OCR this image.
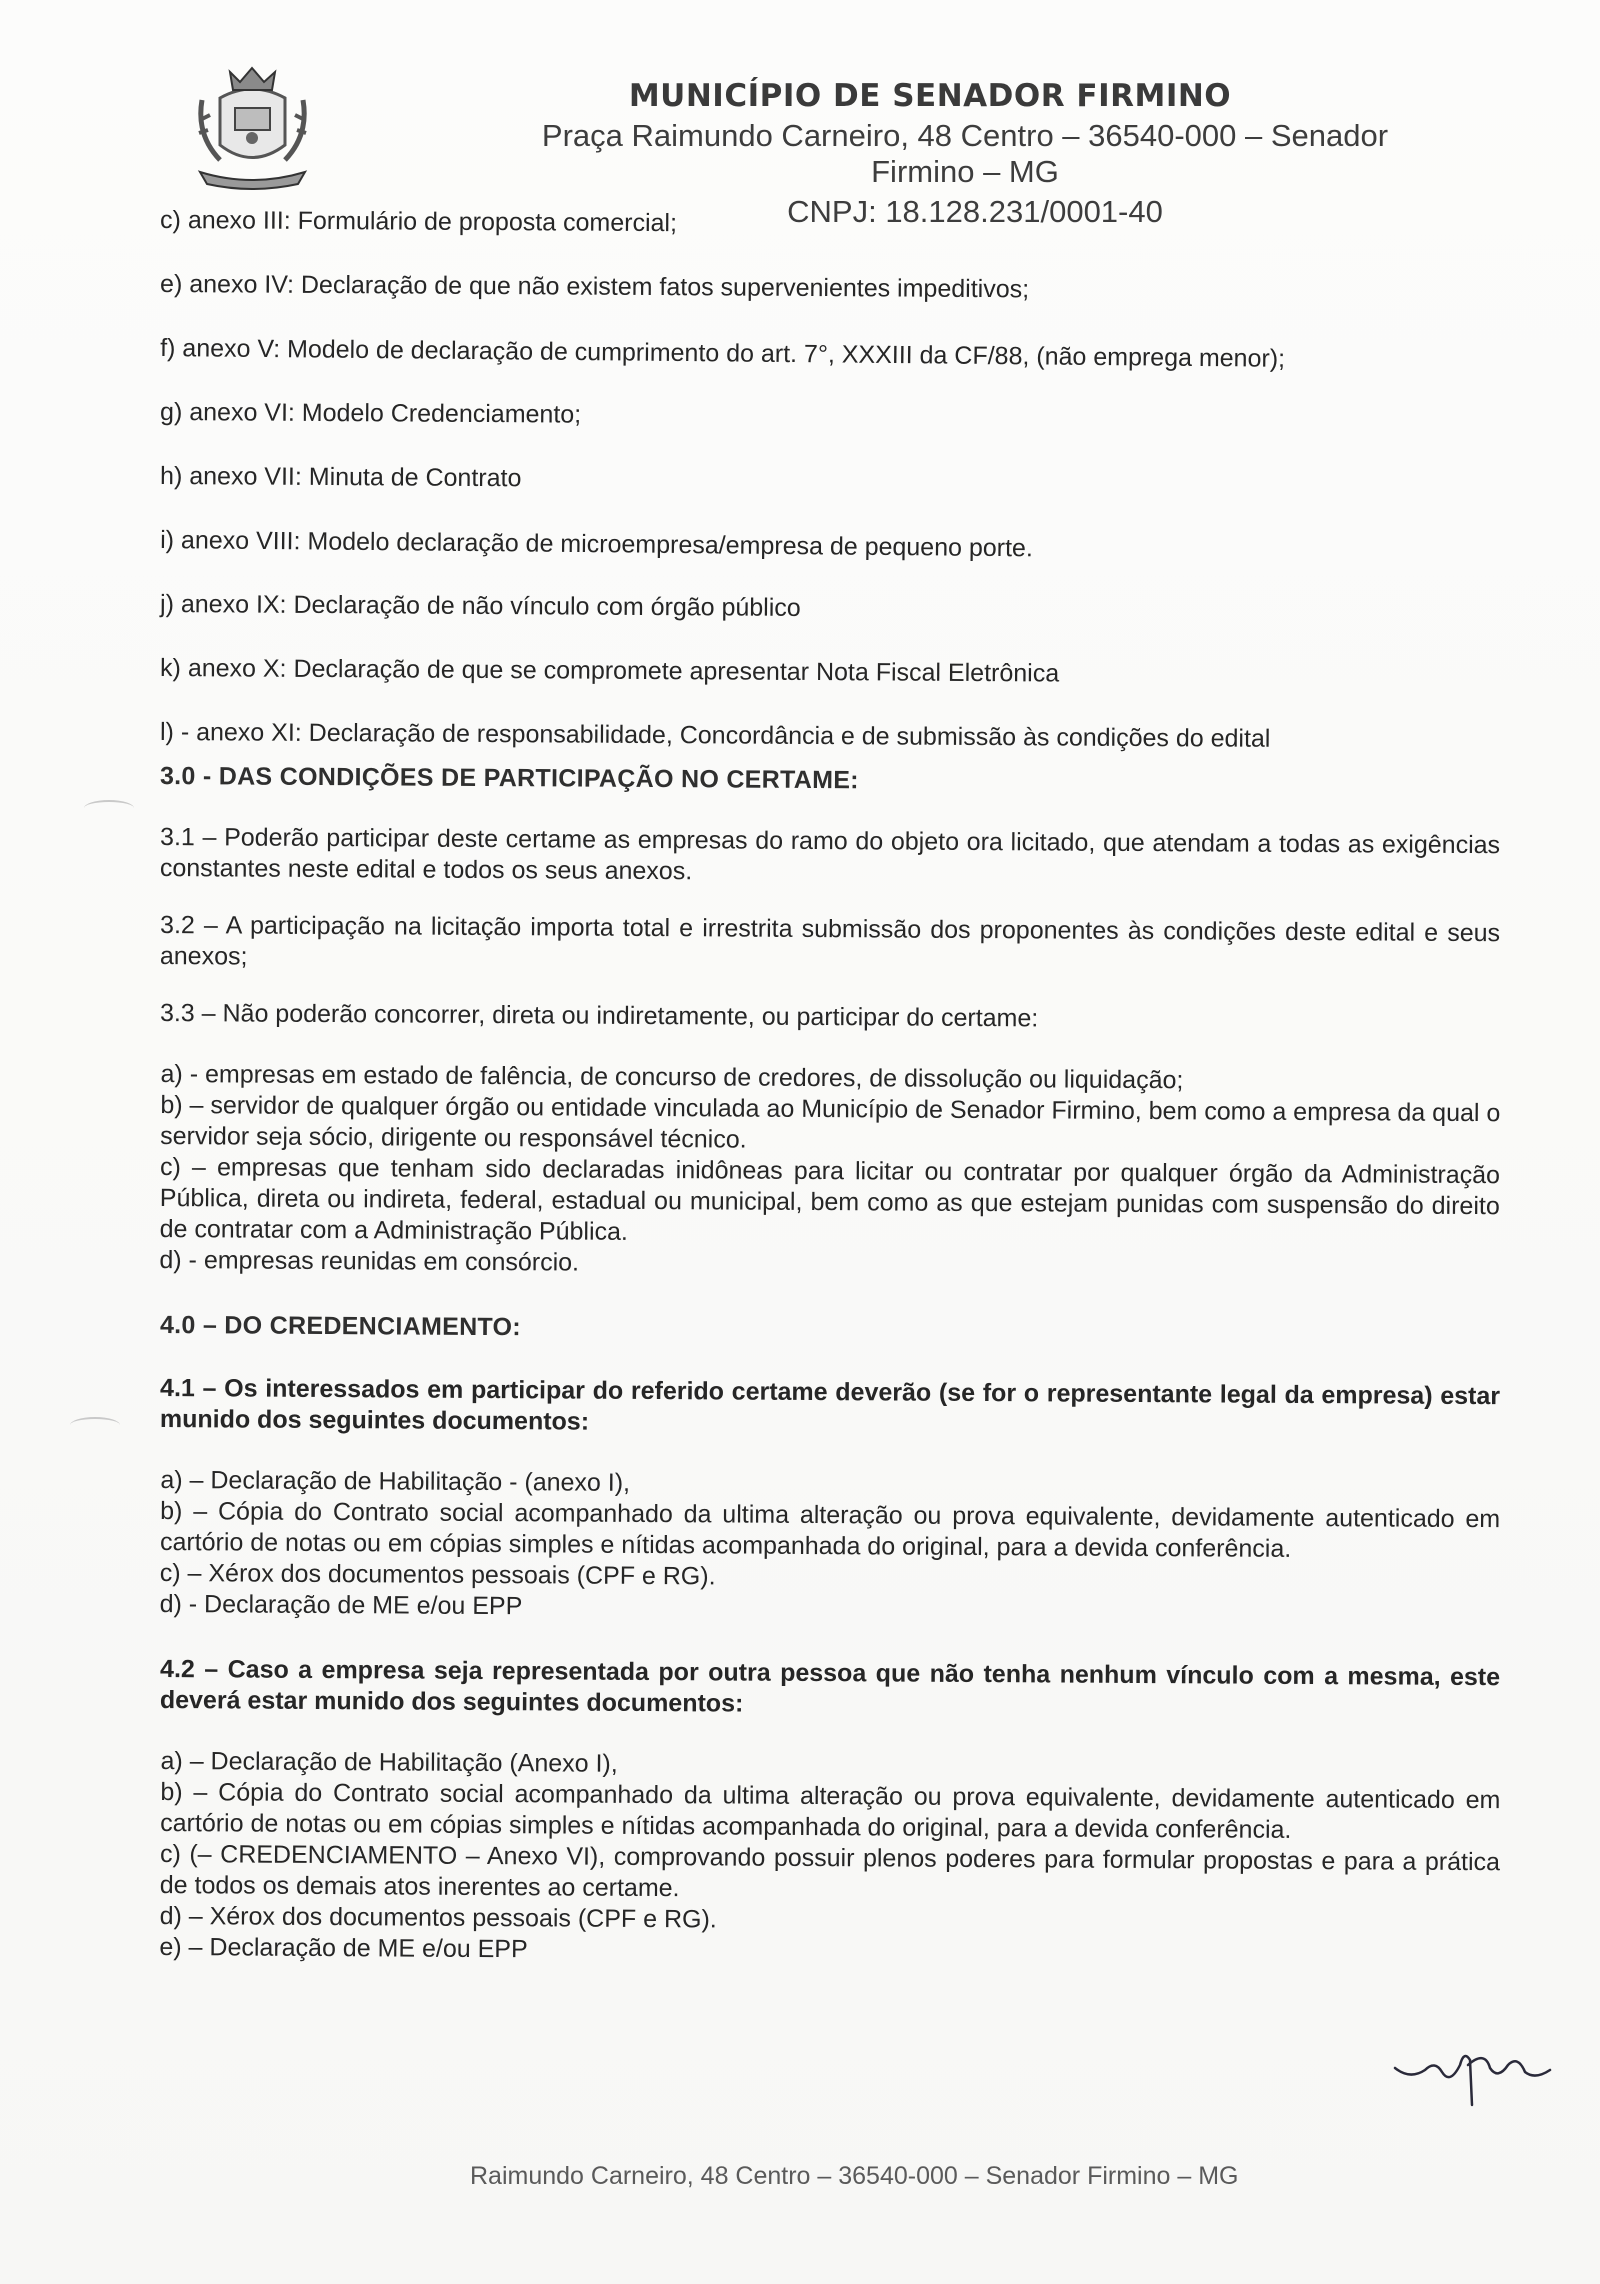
MUNICÍPIO DE SENADOR FIRMINO
Praça Raimundo Carneiro, 48 Centro – 36540-000 – Senador Firmino – MG
CNPJ: 18.128.231/0001-40
c) anexo III: Formulário de proposta comercial;
e) anexo IV: Declaração de que não existem fatos supervenientes impeditivos;
f) anexo V: Modelo de declaração de cumprimento do art. 7°, XXXIII da CF/88, (não emprega menor);
g) anexo VI: Modelo Credenciamento;
h) anexo VII: Minuta de Contrato
i) anexo VIII: Modelo declaração de microempresa/empresa de pequeno porte.
j) anexo IX: Declaração de não vínculo com órgão público
k) anexo X: Declaração de que se compromete apresentar Nota Fiscal Eletrônica
l) - anexo XI: Declaração de responsabilidade, Concordância e de submissão às condições do edital
3.0 - DAS CONDIÇÕES DE PARTICIPAÇÃO NO CERTAME:
3.1 – Poderão participar deste certame as empresas do ramo do objeto ora licitado, que atendam a todas as exigências constantes neste edital e todos os seus anexos.
3.2 – A participação na licitação importa total e irrestrita submissão dos proponentes às condições deste edital e seus anexos;
3.3 – Não poderão concorrer, direta ou indiretamente, ou participar do certame:
a) - empresas em estado de falência, de concurso de credores, de dissolução ou liquidação;
b) – servidor de qualquer órgão ou entidade vinculada ao Município de Senador Firmino, bem como a empresa da qual o servidor seja sócio, dirigente ou responsável técnico.
c) – empresas que tenham sido declaradas inidôneas para licitar ou contratar por qualquer órgão da Administração Pública, direta ou indireta, federal, estadual ou municipal, bem como as que estejam punidas com suspensão do direito de contratar com a Administração Pública.
d) - empresas reunidas em consórcio.
4.0 – DO CREDENCIAMENTO:
4.1 – Os interessados em participar do referido certame deverão (se for o representante legal da empresa) estar munido dos seguintes documentos:
a) – Declaração de Habilitação - (anexo I),
b) – Cópia do Contrato social acompanhado da ultima alteração ou prova equivalente, devidamente autenticado em cartório de notas ou em cópias simples e nítidas acompanhada do original, para a devida conferência.
c) – Xérox dos documentos pessoais (CPF e RG).
d) - Declaração de ME e/ou EPP
4.2 – Caso a empresa seja representada por outra pessoa que não tenha nenhum vínculo com a mesma, este deverá estar munido dos seguintes documentos:
a) – Declaração de Habilitação (Anexo I),
b) – Cópia do Contrato social acompanhado da ultima alteração ou prova equivalente, devidamente autenticado em cartório de notas ou em cópias simples e nítidas acompanhada do original, para a devida conferência.
c) (– CREDENCIAMENTO – Anexo VI), comprovando possuir plenos poderes para formular propostas e para a prática de todos os demais atos inerentes ao certame.
d) – Xérox dos documentos pessoais (CPF e RG).
e) – Declaração de ME e/ou EPP
Raimundo Carneiro, 48 Centro – 36540-000 – Senador Firmino – MG
